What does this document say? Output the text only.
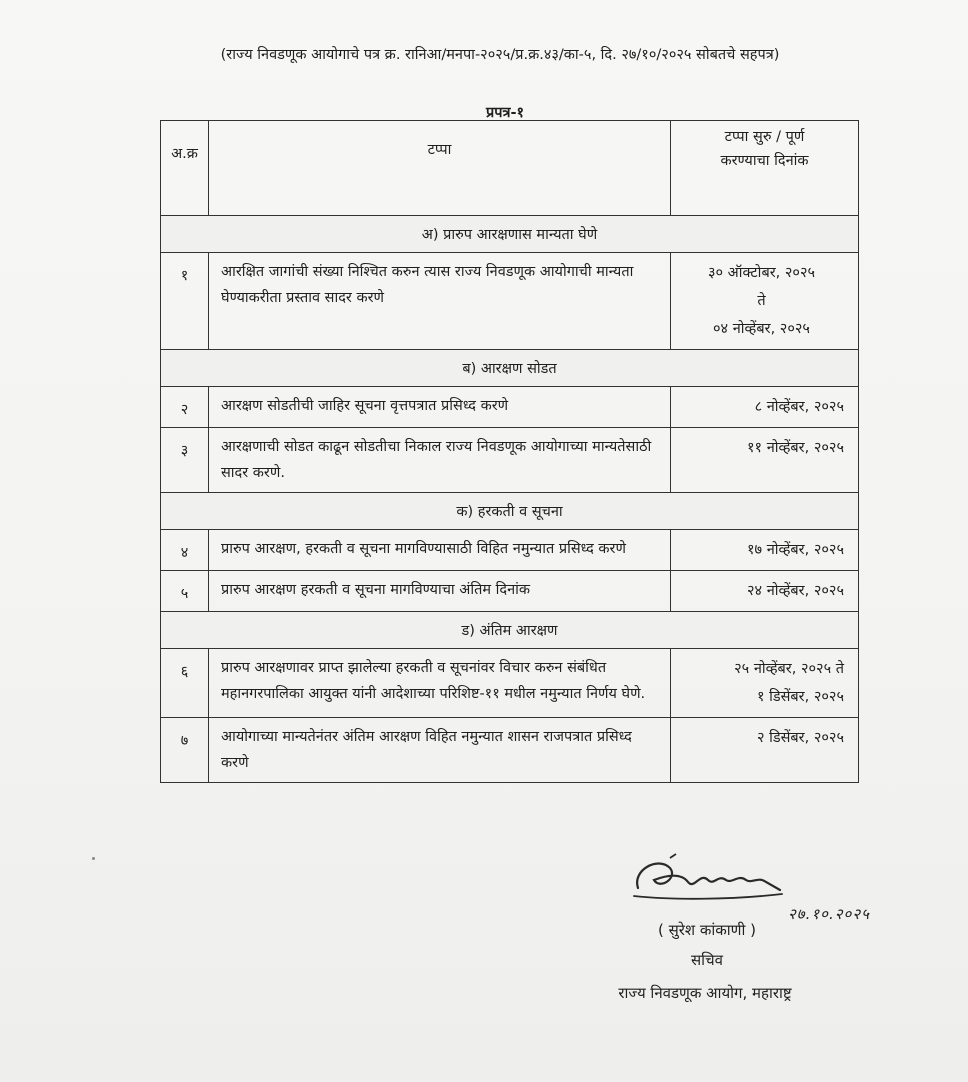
(राज्य निवडणूक आयोगाचे पत्र क्र. रानिआ/मनपा-२०२५/प्र.क्र.४३/का-५, दि. २७/१०/२०२५ सोबतचे सहपत्र)
प्रपत्र-१
अ.क्र	टप्पा	टप्पा सुरु / पूर्ण
करण्याचा दिनांक

अ) प्रारुप आरक्षणास मान्यता घेणे		
१	आरक्षित जागांची संख्या निश्चित करुन त्यास राज्य निवडणूक आयोगाची मान्यता घेण्याकरीता प्रस्ताव सादर करणे	३० ऑक्टोबर, २०२५
ते
०४ नोव्हेंबर, २०२५

ब) आरक्षण सोडत		
२	आरक्षण सोडतीची जाहिर सूचना वृत्तपत्रात प्रसिध्द करणे	८ नोव्हेंबर, २०२५

३	आरक्षणाची सोडत काढून सोडतीचा निकाल राज्य निवडणूक आयोगाच्या मान्यतेसाठी सादर करणे.	११ नोव्हेंबर, २०२५

क) हरकती व सूचना		
४	प्रारुप आरक्षण, हरकती व सूचना मागविण्यासाठी विहित नमुन्यात प्रसिध्द करणे	१७ नोव्हेंबर, २०२५

५	प्रारुप आरक्षण हरकती व सूचना मागविण्याचा अंतिम दिनांक	२४ नोव्हेंबर, २०२५

ड) अंतिम आरक्षण		
६	प्रारुप आरक्षणावर प्राप्त झालेल्या हरकती व सूचनांवर विचार करुन संबंधित महानगरपालिका आयुक्त यांनी आदेशाच्या परिशिष्ट-११ मधील नमुन्यात निर्णय घेणे.	२५ नोव्हेंबर, २०२५ ते
१ डिसेंबर, २०२५

७	आयोगाच्या मान्यतेनंतर अंतिम आरक्षण विहित नमुन्यात शासन राजपत्रात प्रसिध्द करणे	२ डिसेंबर, २०२५
२७.१०.२०२५
( सुरेश कांकाणी )
सचिव
राज्य निवडणूक आयोग, महाराष्ट्र
